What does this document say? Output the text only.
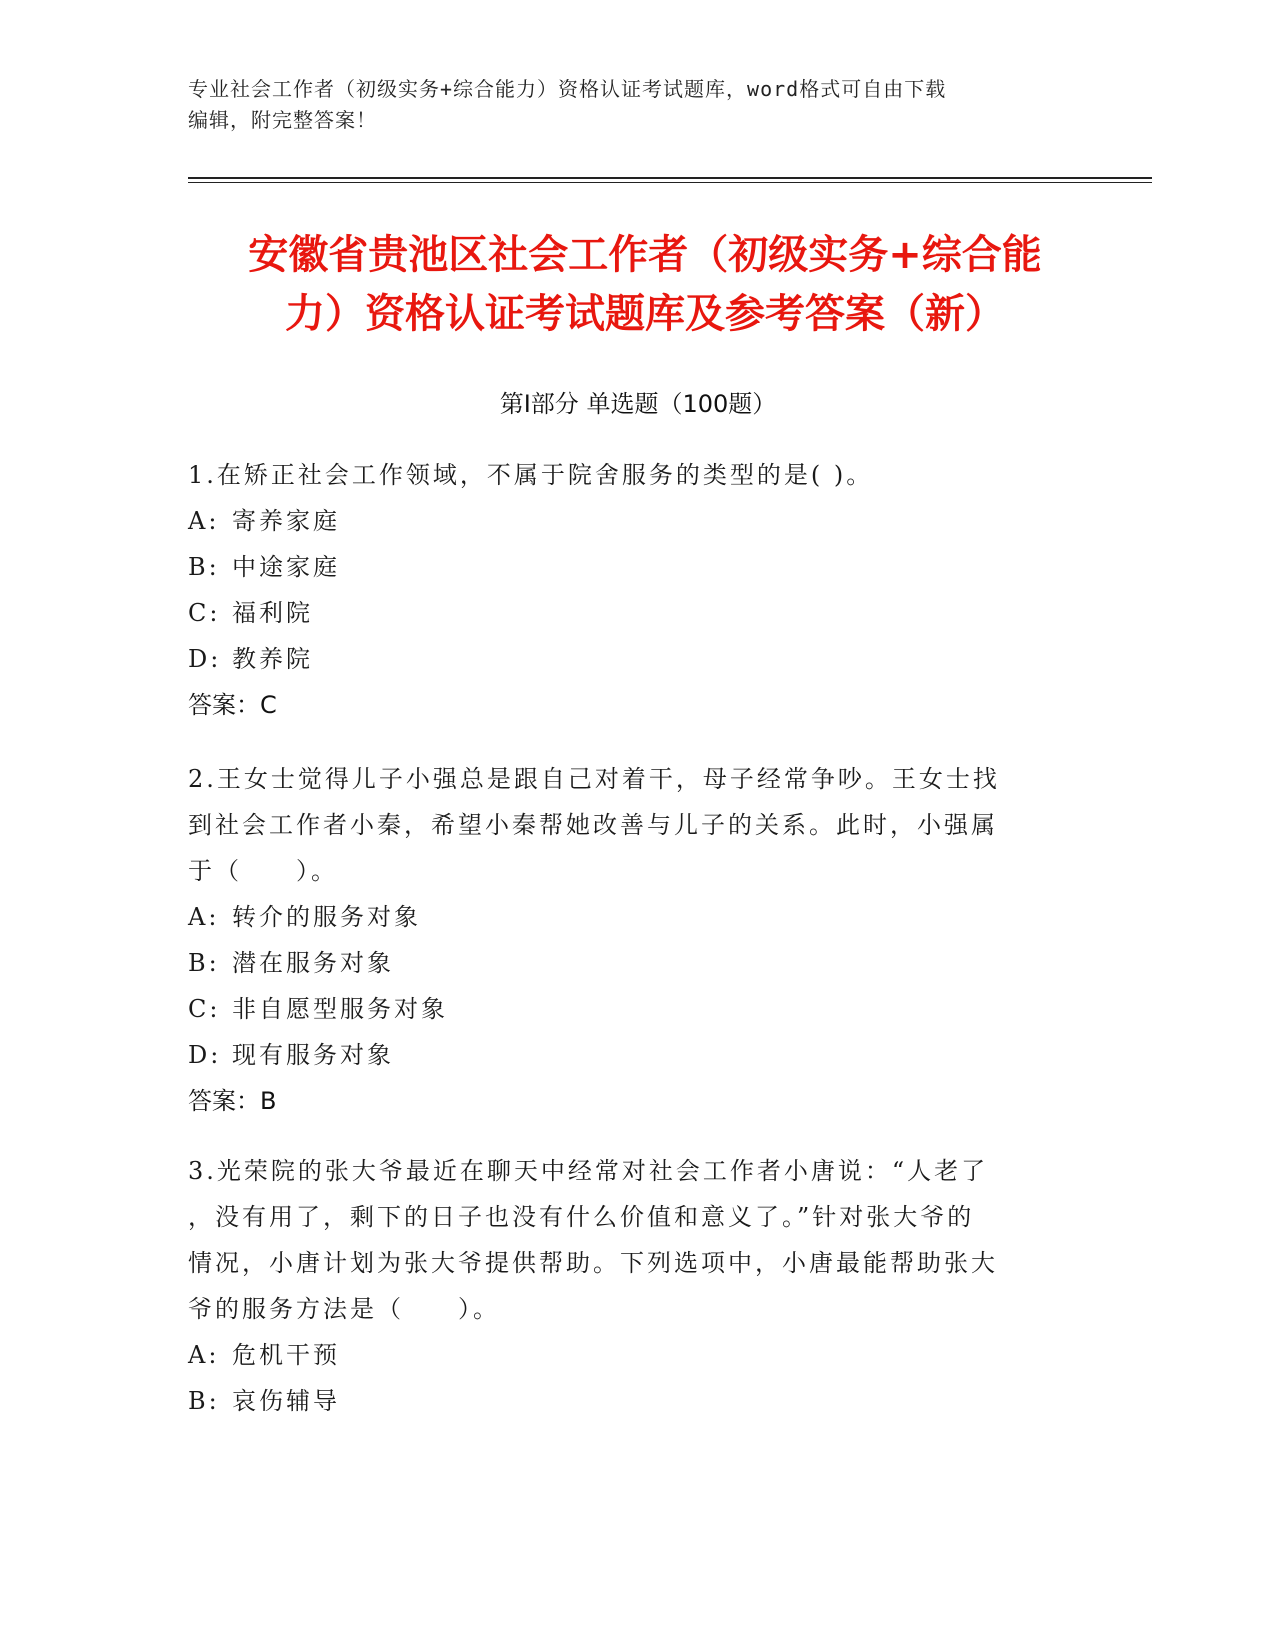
专业社会工作者（初级实务+综合能力）资格认证考试题库，word格式可自由下载
编辑，附完整答案！
安徽省贵池区社会工作者（初级实务+综合能
力）资格认证考试题库及参考答案（新）
第Ⅰ部分 单选题（100题）
1.在矫正社会工作领域，不属于院舍服务的类型的是( )。
A: 寄养家庭
B: 中途家庭
C: 福利院
D: 教养院
答案：C
2.王女士觉得儿子小强总是跟自己对着干，母子经常争吵。王女士找
到社会工作者小秦，希望小秦帮她改善与儿子的关系。此时，小强属
于（　　）。
A: 转介的服务对象
B: 潜在服务对象
C: 非自愿型服务对象
D: 现有服务对象
答案：B
3.光荣院的张大爷最近在聊天中经常对社会工作者小唐说：“人老了
，没有用了，剩下的日子也没有什么价值和意义了。”针对张大爷的
情况，小唐计划为张大爷提供帮助。下列选项中，小唐最能帮助张大
爷的服务方法是（　　）。
A: 危机干预
B: 哀伤辅导
